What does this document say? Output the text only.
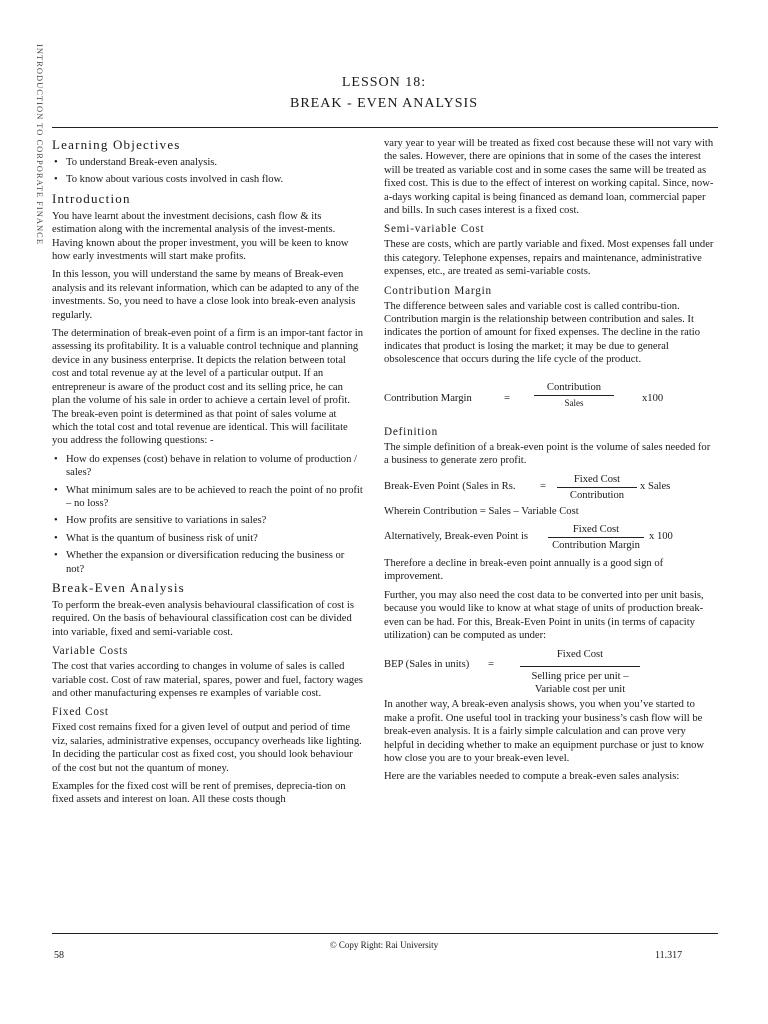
INTRODUCTION TO CORPORATE FINANCE	LESSON 18:
BREAK - EVEN ANALYSIS
Learning Objectives
• To understand Break-even analysis.
• To know about various costs involved in cash flow.
Introduction

You have learnt about the investment decisions, cash flow & its estimation along with the incremental analysis of the invest-ments. Having known about the proper investment, you will be keen to know how early investments will start make profits.

In this lesson, you will understand the same by means of Break-even analysis and its relevant information, which can be adapted to any of the investments. So, you need to have a close look into break-even analysis regularly.

The determination of break-even point of a firm is an impor-tant factor in assessing its profitability. It is a valuable control technique and planning device in any business enterprise. It depicts the relation between total cost and total revenue ay at the level of a particular output. If an entrepreneur is aware of the product cost and its selling price, he can plan the volume of his sale in order to achieve a certain level of profit. The break-even point is determined as that point of sales volume at which the total cost and total revenue are identical. This will facilitate you address the following questions: -

• How do expenses (cost) behave in relation to volume of production / sales?
• What minimum sales are to be achieved to reach the point of no profit – no loss?
• How profits are sensitive to variations in sales?
• What is the quantum of business risk of unit?
• Whether the expansion or diversification reducing the business or not?
Break-Even Analysis

To perform the break-even analysis behavioural classification of cost is required. On the basis of behavioural classification cost can be divided into variable, fixed and semi-variable cost.

Variable Costs

The cost that varies according to changes in volume of sales is called variable cost. Cost of raw material, spares, power and fuel, factory wages and other manufacturing expenses re examples of variable cost.

Fixed Cost

Fixed cost remains fixed for a given level of output and period of time viz, salaries, administrative expenses, occupancy overheads like lighting. In deciding the particular cost as fixed cost, you should look behaviour of the cost but not the quantum of money.

Examples for the fixed cost will be rent of premises, deprecia-tion on fixed assets and interest on loan. All these costs though

vary year to year will be treated as fixed cost because these will not vary with the sales. However, there are opinions that in some of the cases the interest will be treated as variable cost and in some cases the same will be treated as fixed cost. This is due to the effect of interest on working capital. Since, now-a-days working capital is being financed as demand loan, commercial paper and bills. In such cases interest is a fixed cost.

Semi-variable Cost

These are costs, which are partly variable and fixed. Most expenses fall under this category. Telephone expenses, repairs and maintenance, administrative expenses, etc., are treated as semi-variable costs.

Contribution Margin

The difference between sales and variable cost is called contribu-tion. Contribution margin is the relationship between contribution and sales. It indicates the portion of amount for fixed expenses. The decline in the ratio indicates that product is losing the market; it may be due to general obsolescence that occurs during the life cycle of the product.

Contribution Margin	=
Contribution
Sales	x100
Definition

The simple definition of a break-even point is the volume of sales needed for a business to generate zero profit.

Break-Even Point (Sales in Rs. =
Fixed Cost
Contribution
x Sales

Wherein Contribution = Sales – Variable Cost

Alternatively, Break-even Point is
Fixed Cost
Contribution Margin
x 100

Therefore a decline in break-even point annually is a good sign of improvement.

Further, you may also need the cost data to be converted into per unit basis, because you would like to know at what stage of units of production break-even can be had. For this, Break-Even Point in units (in terms of capacity utilization) can be computed as under:

BEP (Sales in units) =
Fixed Cost
Selling price per unit –
Variable cost per unit

In another way, A break-even analysis shows, you when you’ve started to make a profit. One useful tool in tracking your business’s cash flow will be break-even analysis. It is a fairly simple calculation and can prove very helpful in deciding whether to make an equipment purchase or just to know how close you are to your break-even level.

Here are the variables needed to compute a break-even sales analysis:

© Copy Right: Rai University
58	11.317
